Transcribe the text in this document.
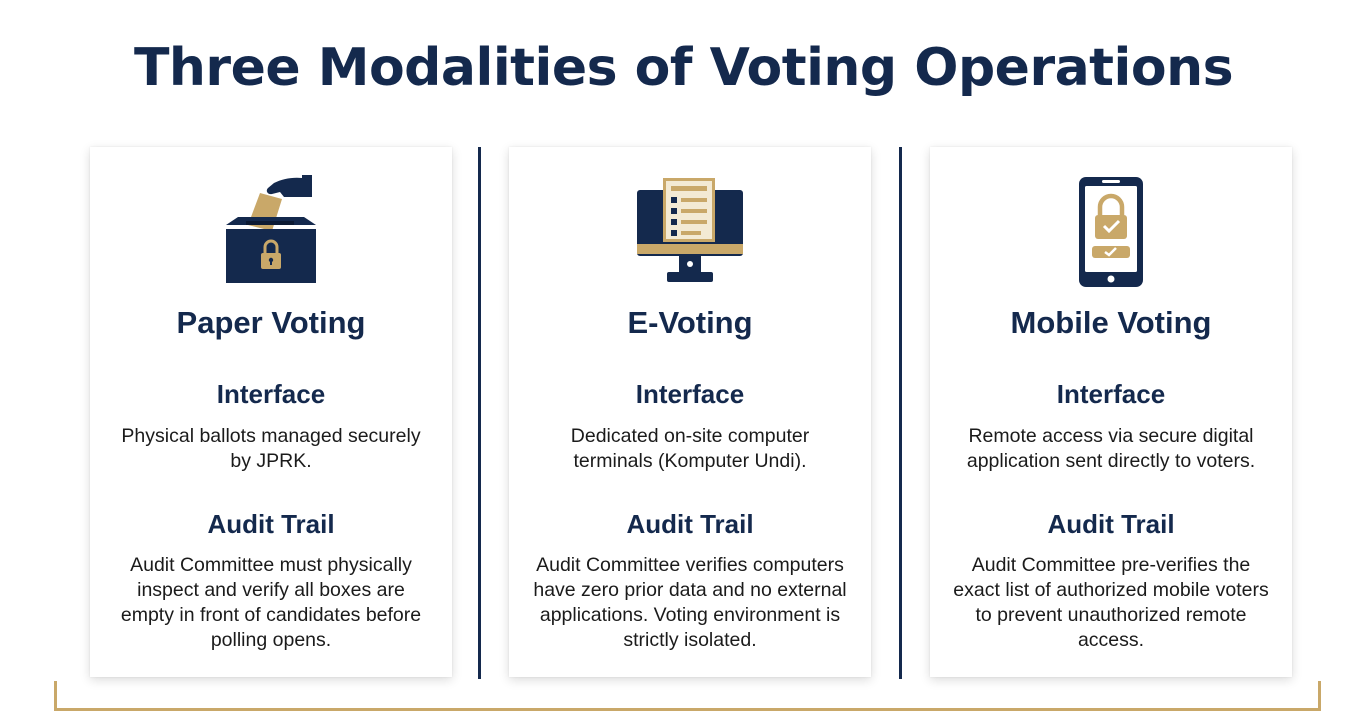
Three Modalities of Voting Operations
Paper Voting
Interface
Physical ballots managed securely by JPRK.
Audit Trail
Audit Committee must physically inspect and verify all boxes are empty in front of candidates before polling opens.
E-Voting
Interface
Dedicated on-site computer terminals (Komputer Undi).
Audit Trail
Audit Committee verifies computers have zero prior data and no external applications. Voting environment is strictly isolated.
Mobile Voting
Interface
Remote access via secure digital application sent directly to voters.
Audit Trail
Audit Committee pre-verifies the exact list of authorized mobile voters to prevent unauthorized remote access.
